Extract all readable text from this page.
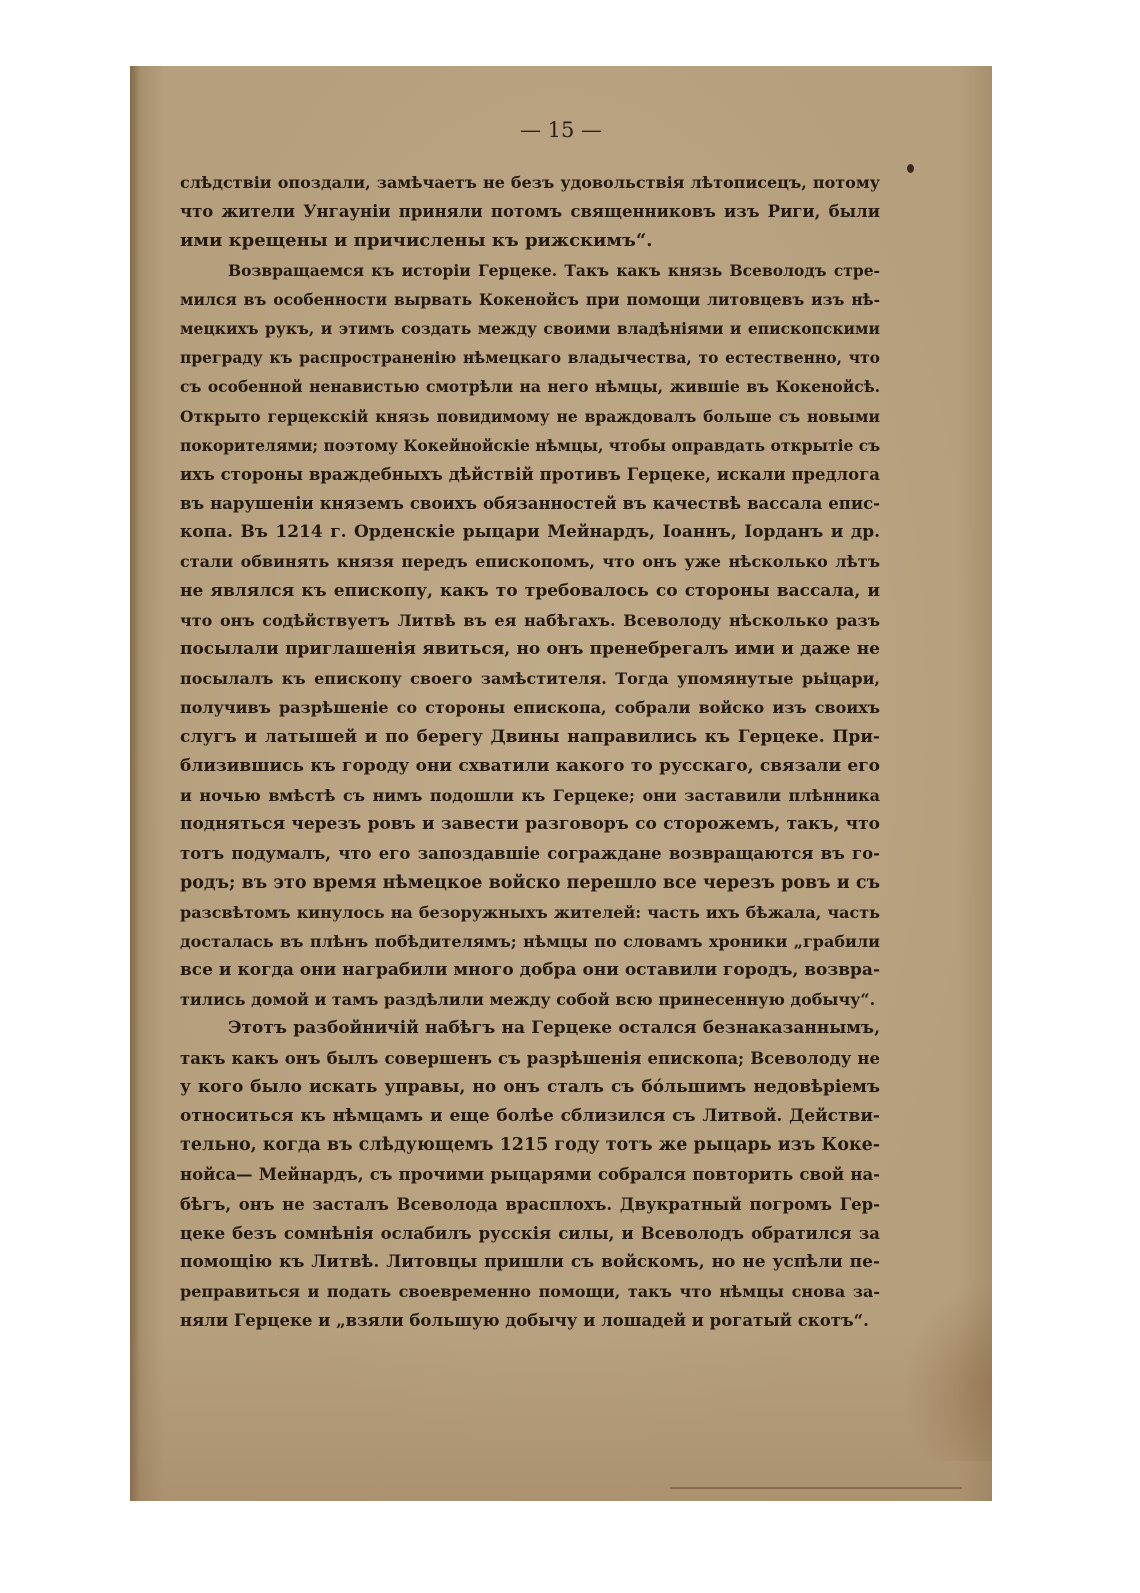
— 15 —
слѣдствіи опоздали, замѣчаетъ не безъ удовольствія лѣтописецъ, потому
что жители Унгауніи приняли потомъ священниковъ изъ Риги, были
ими крещены и причислены къ рижскимъ“.
Возвращаемся къ исторіи Герцеке. Такъ какъ князь Всеволодъ стре-
мился въ особенности вырвать Кокенойсъ при помощи литовцевъ изъ нѣ-
мецкихъ рукъ, и этимъ создать между своими владѣніями и епископскими
преграду къ распространенію нѣмецкаго владычества, то естественно, что
съ особенной ненавистью смотрѣли на него нѣмцы, жившіе въ Кокенойсѣ.
Открыто герцекскій князь повидимому не враждовалъ больше съ новыми
покорителями; поэтому Кокейнойскіе нѣмцы, чтобы оправдать открытіе съ
ихъ стороны враждебныхъ дѣйствій противъ Герцеке, искали предлога
въ нарушеніи княземъ своихъ обязанностей въ качествѣ вассала епис-
копа. Въ 1214 г. Орденскіе рыцари Мейнардъ, Іоаннъ, Іорданъ и др.
стали обвинять князя передъ епископомъ, что онъ уже нѣсколько лѣтъ
не являлся къ епископу, какъ то требовалось со стороны вассала, и
что онъ содѣйствуетъ Литвѣ въ ея набѣгахъ. Всеволоду нѣсколько разъ
посылали приглашенія явиться, но онъ пренебрегалъ ими и даже не
посылалъ къ епископу своего замѣстителя. Тогда упомянутые рыцари,
получивъ разрѣшеніе со стороны епископа, собрали войско изъ своихъ
слугъ и латышей и по берегу Двины направились къ Герцеке. При-
близившись къ городу они схватили какого то русскаго, связали его
и ночью вмѣстѣ съ нимъ подошли къ Герцеке; они заставили плѣнника
подняться черезъ ровъ и завести разговоръ со сторожемъ, такъ, что
тотъ подумалъ, что его запоздавшіе сограждане возвращаются въ го-
родъ; въ это время нѣмецкое войско перешло все черезъ ровъ и съ
разсвѣтомъ кинулось на безоружныхъ жителей: часть ихъ бѣжала, часть
досталась въ плѣнъ побѣдителямъ; нѣмцы по словамъ хроники „грабили
все и когда они награбили много добра они оставили городъ, возвра-
тились домой и тамъ раздѣлили между собой всю принесенную добычу“.
Этотъ разбойничій набѣгъ на Герцеке остался безнаказаннымъ,
такъ какъ онъ былъ совершенъ съ разрѣшенія епископа; Всеволоду не
у кого было искать управы, но онъ сталъ съ бо́льшимъ недовѣріемъ
относиться къ нѣмцамъ и еще болѣе сблизился съ Литвой. Действи-
тельно, когда въ слѣдующемъ 1215 году тотъ же рыцарь изъ Коке-
нойса— Мейнардъ, съ прочими рыцарями собрался повторить свой на-
бѣгъ, онъ не засталъ Всеволода врасплохъ. Двукратный погромъ Гер-
цеке безъ сомнѣнія ослабилъ русскія силы, и Всеволодъ обратился за
помощію къ Литвѣ. Литовцы пришли съ войскомъ, но не успѣли пе-
реправиться и подать своевременно помощи, такъ что нѣмцы снова за-
няли Герцеке и „взяли большую добычу и лошадей и рогатый скотъ“.
